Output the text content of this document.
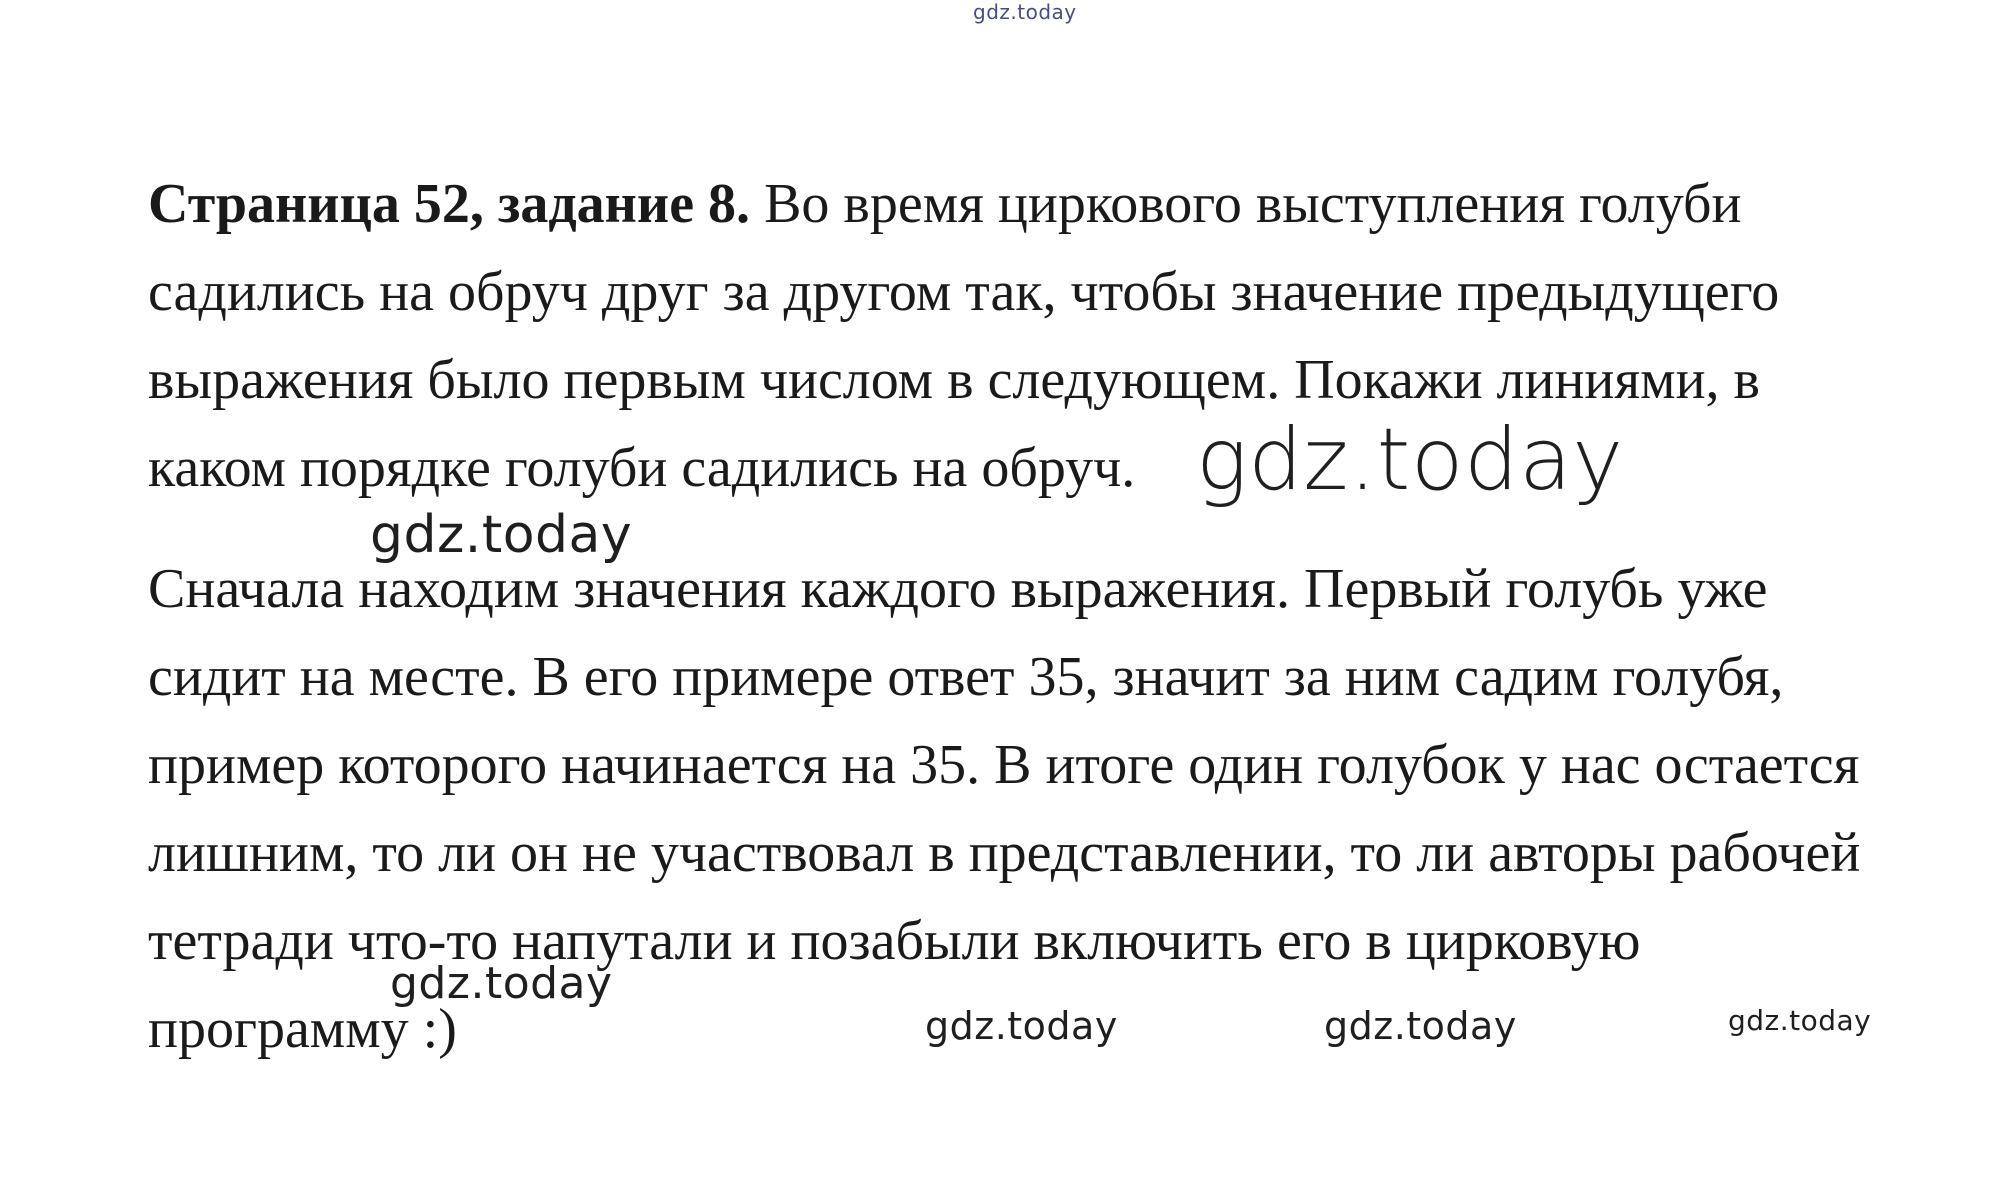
Страница 52, задание 8. Во время циркового выступления голуби садились на обруч друг за другом так, чтобы значение предыдущего выражения было первым числом в следующем. Покажи линиями, в каком порядке голуби садились на обруч.

Сначала находим значения каждого выражения. Первый голубь уже сидит на месте. В его примере ответ 35, значит за ним садим голубя, пример которого начинается на 35. В итоге один голубок у нас остается лишним, то ли он не участвовал в представлении, то ли авторы рабочей тетради что-то напутали и позабыли включить его в цирковую программу :)

gdz.today
gdz.today
gdz.today
gdz.today
gdz.today	gdz.today	gdz.today
